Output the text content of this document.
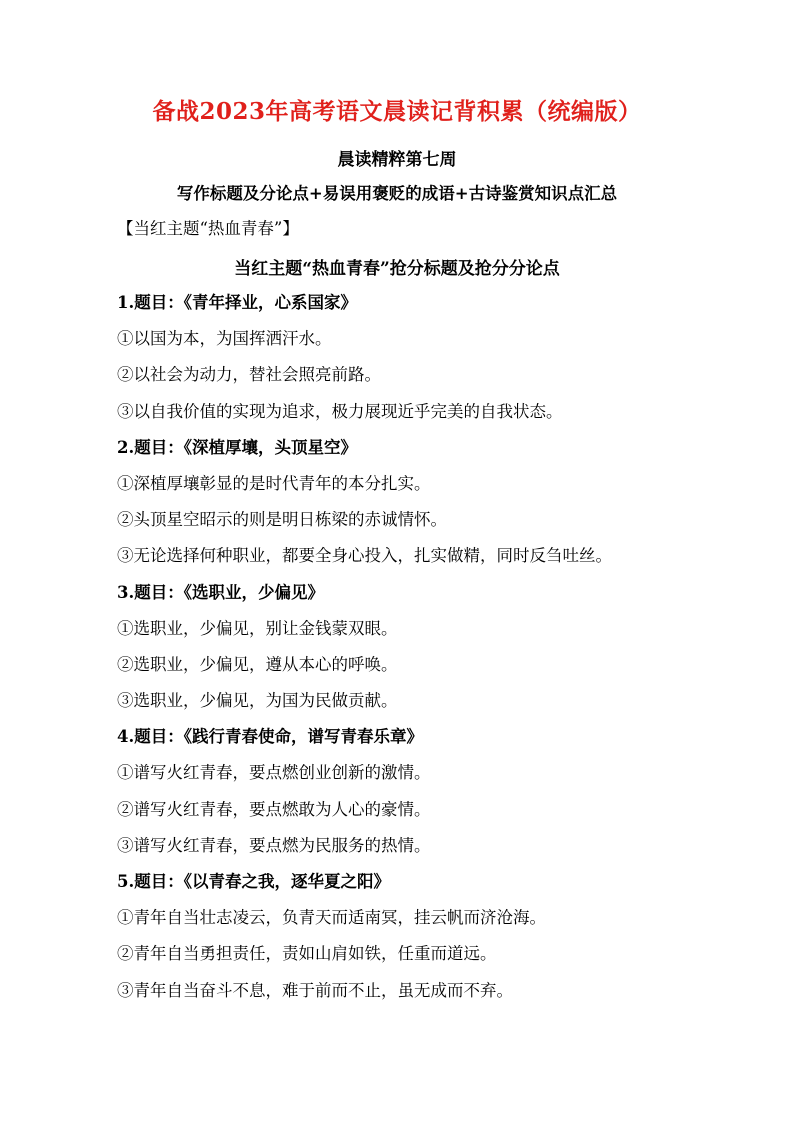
备战2023年高考语文晨读记背积累（统编版）
晨读精粹第七周
写作标题及分论点+易误用褒贬的成语+古诗鉴赏知识点汇总
【当红主题“热血青春”】
当红主题“热血青春”抢分标题及抢分分论点
1.题目：《青年择业，心系国家》
①以国为本，为国挥洒汗水。
②以社会为动力，替社会照亮前路。
③以自我价值的实现为追求，极力展现近乎完美的自我状态。
2.题目：《深植厚壤，头顶星空》
①深植厚壤彰显的是时代青年的本分扎实。
②头顶星空昭示的则是明日栋梁的赤诚情怀。
③无论选择何种职业，都要全身心投入，扎实做精，同时反刍吐丝。
3.题目：《选职业，少偏见》
①选职业，少偏见，别让金钱蒙双眼。
②选职业，少偏见，遵从本心的呼唤。
③选职业，少偏见，为国为民做贡献。
4.题目：《践行青春使命，谱写青春乐章》
①谱写火红青春，要点燃创业创新的激情。
②谱写火红青春，要点燃敢为人心的豪情。
③谱写火红青春，要点燃为民服务的热情。
5.题目：《以青春之我，逐华夏之阳》
①青年自当壮志凌云，负青天而适南冥，挂云帆而济沧海。
②青年自当勇担责任，责如山肩如铁，任重而道远。
③青年自当奋斗不息，难于前而不止，虽无成而不弃。
